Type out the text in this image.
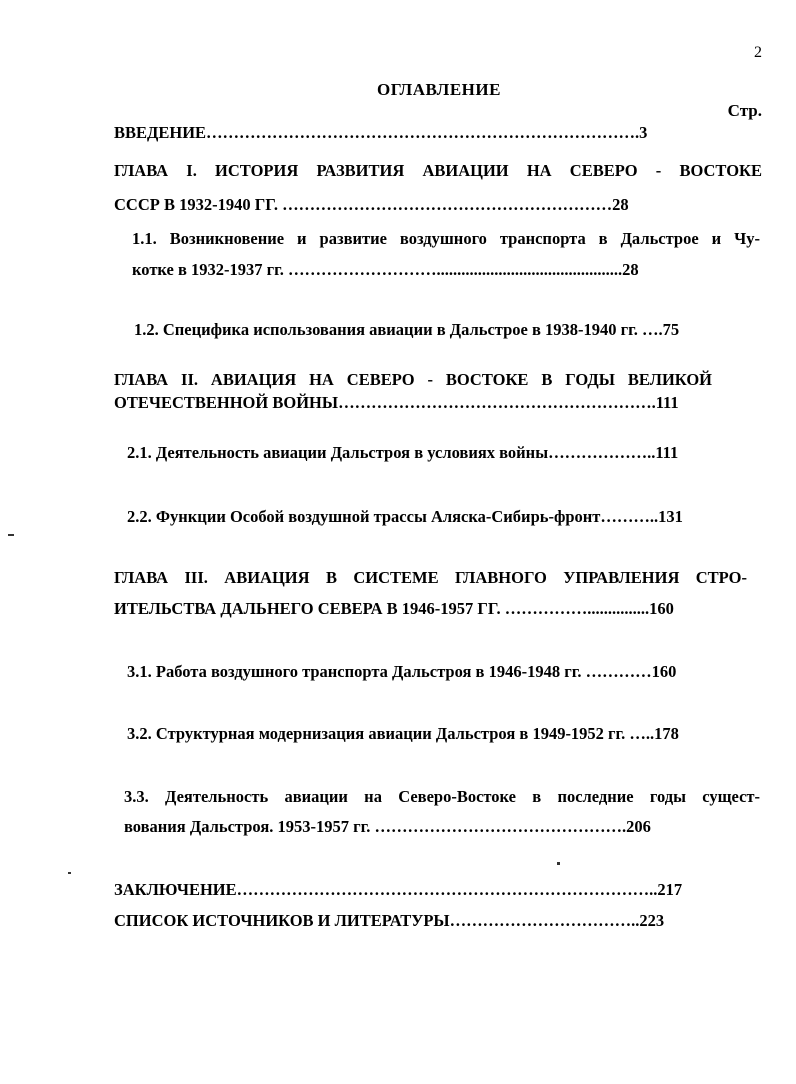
2
ОГЛАВЛЕНИЕ
Стр.
ВВЕДЕНИЕ…………………………………………………………………….3
ГЛАВА I. ИСТОРИЯ РАЗВИТИЯ АВИАЦИИ НА СЕВЕРО - ВОСТОКЕ
СССР В 1932-1940 ГГ. ……………………………………………………28
1.1. Возникновение и развитие воздушного транспорта в Дальстрое и Чу-
котке в 1932-1937 гг. ……………………….............................................28
1.2. Специфика использования авиации в Дальстрое в 1938-1940 гг. ….75
ГЛАВА II. АВИАЦИЯ НА СЕВЕРО - ВОСТОКЕ В ГОДЫ ВЕЛИКОЙ
ОТЕЧЕСТВЕННОЙ ВОЙНЫ………………………………………………….111
2.1. Деятельность авиации Дальстроя в условиях войны………………..111
2.2. Функции Особой воздушной трассы Аляска-Сибирь-фронт………..131
ГЛАВА III. АВИАЦИЯ В СИСТЕМЕ ГЛАВНОГО УПРАВЛЕНИЯ СТРО-
ИТЕЛЬСТВА ДАЛЬНЕГО СЕВЕРА В 1946-1957 ГГ. ……………...............160
3.1. Работа воздушного транспорта Дальстроя в 1946-1948 гг. …………160
3.2. Структурная модернизация авиации Дальстроя в 1949-1952 гг. …..178
3.3. Деятельность авиации на Северо-Востоке в последние годы сущест-
вования Дальстроя. 1953-1957 гг. ……………………………………….206
ЗАКЛЮЧЕНИЕ…………………………………………………………………..217
СПИСОК ИСТОЧНИКОВ И ЛИТЕРАТУРЫ……………………………..223
